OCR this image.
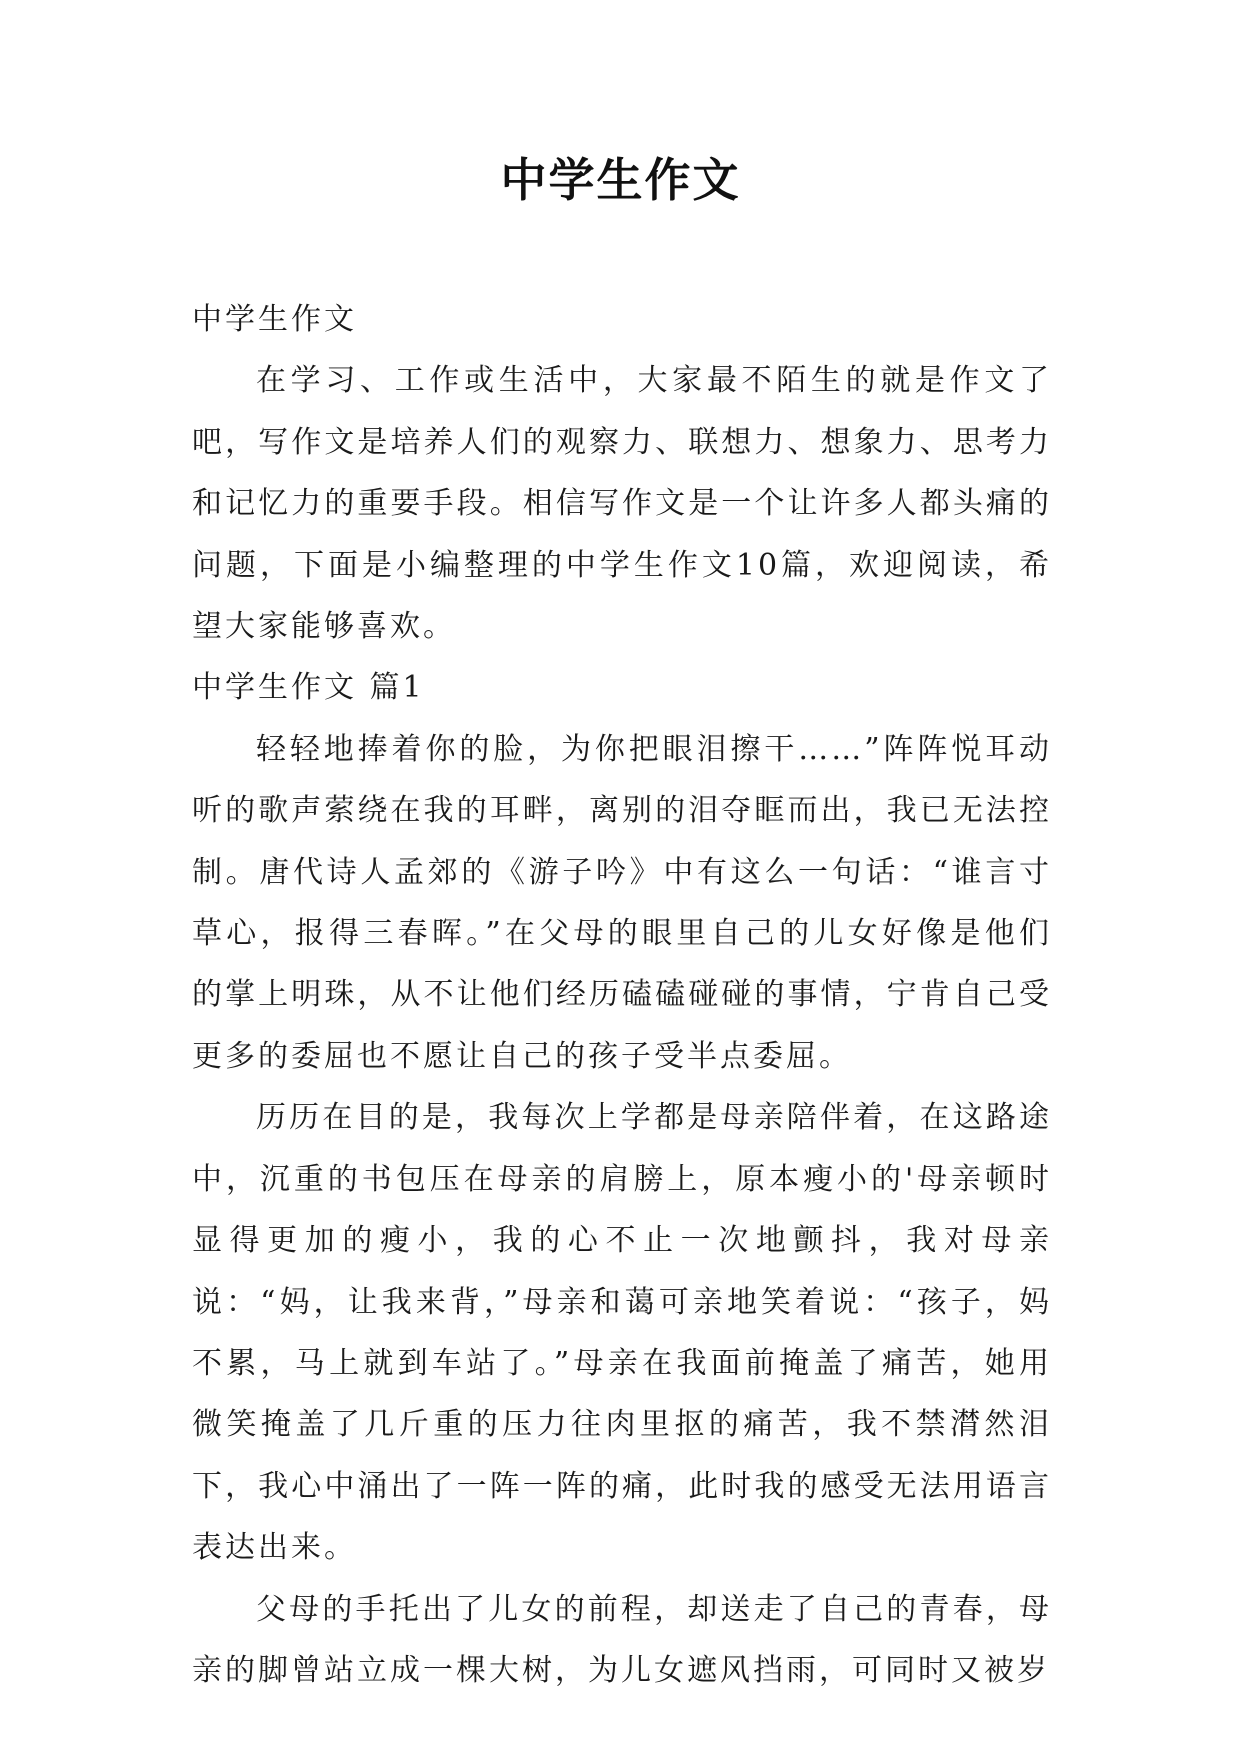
中学生作文

中学生作文

在学习、工作或生活中，大家最不陌生的就是作文了吧，写作文是培养人们的观察力、联想力、想象力、思考力和记忆力的重要手段。相信写作文是一个让许多人都头痛的问题，下面是小编整理的中学生作文10篇，欢迎阅读，希望大家能够喜欢。

中学生作文 篇1

轻轻地捧着你的脸，为你把眼泪擦干……”阵阵悦耳动听的歌声萦绕在我的耳畔，离别的泪夺眶而出，我已无法控制。唐代诗人孟郊的《游子吟》中有这么一句话：“谁言寸草心，报得三春晖。”在父母的眼里自己的儿女好像是他们的掌上明珠，从不让他们经历磕磕碰碰的事情，宁肯自己受更多的委屈也不愿让自己的孩子受半点委屈。

历历在目的是，我每次上学都是母亲陪伴着，在这路途中，沉重的书包压在母亲的肩膀上，原本瘦小的'母亲顿时显得更加的瘦小，我的心不止一次地颤抖，我对母亲说：“妈，让我来背，”母亲和蔼可亲地笑着说：“孩子，妈不累，马上就到车站了。”母亲在我面前掩盖了痛苦，她用微笑掩盖了几斤重的压力往肉里抠的痛苦，我不禁潸然泪下，我心中涌出了一阵一阵的痛，此时我的感受无法用语言表达出来。

父母的手托出了儿女的前程，却送走了自己的青春，母亲的脚曾站立成一棵大树，为儿女遮风挡雨，可同时又被岁
